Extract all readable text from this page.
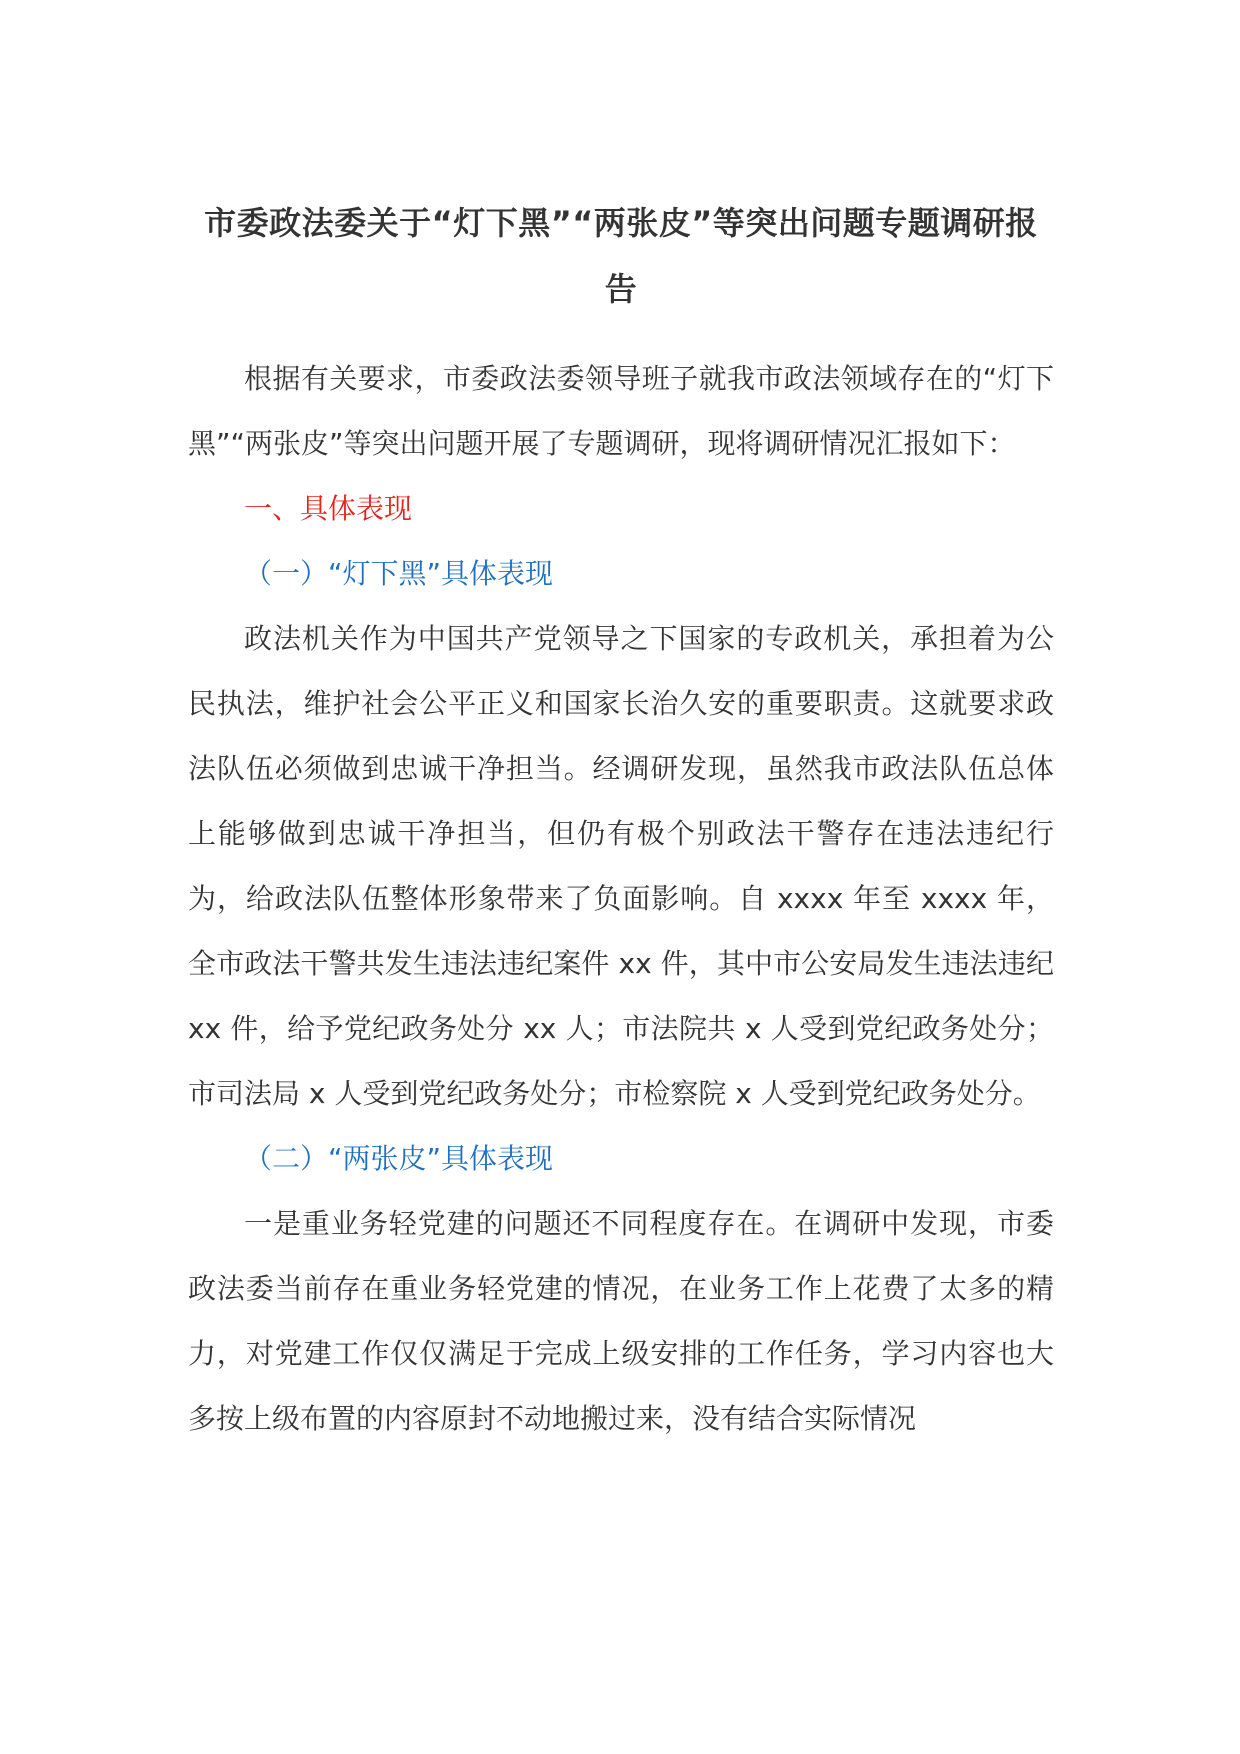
市委政法委关于“灯下黑”“两张皮”等突出问题专题调研报告

根据有关要求，市委政法委领导班子就我市政法领域存在的“灯下黑”“两张皮”等突出问题开展了专题调研，现将调研情况汇报如下：

一、具体表现

（一）“灯下黑”具体表现

政法机关作为中国共产党领导之下国家的专政机关，承担着为公民执法，维护社会公平正义和国家长治久安的重要职责。这就要求政法队伍必须做到忠诚干净担当。经调研发现，虽然我市政法队伍总体上能够做到忠诚干净担当，但仍有极个别政法干警存在违法违纪行为，给政法队伍整体形象带来了负面影响。自 xxxx 年至 xxxx 年，全市政法干警共发生违法违纪案件 xx 件，其中市公安局发生违法违纪 xx 件，给予党纪政务处分 xx 人；市法院共 x 人受到党纪政务处分；市司法局 x 人受到党纪政务处分；市检察院 x 人受到党纪政务处分。

（二）“两张皮”具体表现

一是重业务轻党建的问题还不同程度存在。在调研中发现，市委政法委当前存在重业务轻党建的情况，在业务工作上花费了太多的精力，对党建工作仅仅满足于完成上级安排的工作任务，学习内容也大多按上级布置的内容原封不动地搬过来，没有结合实际情况
